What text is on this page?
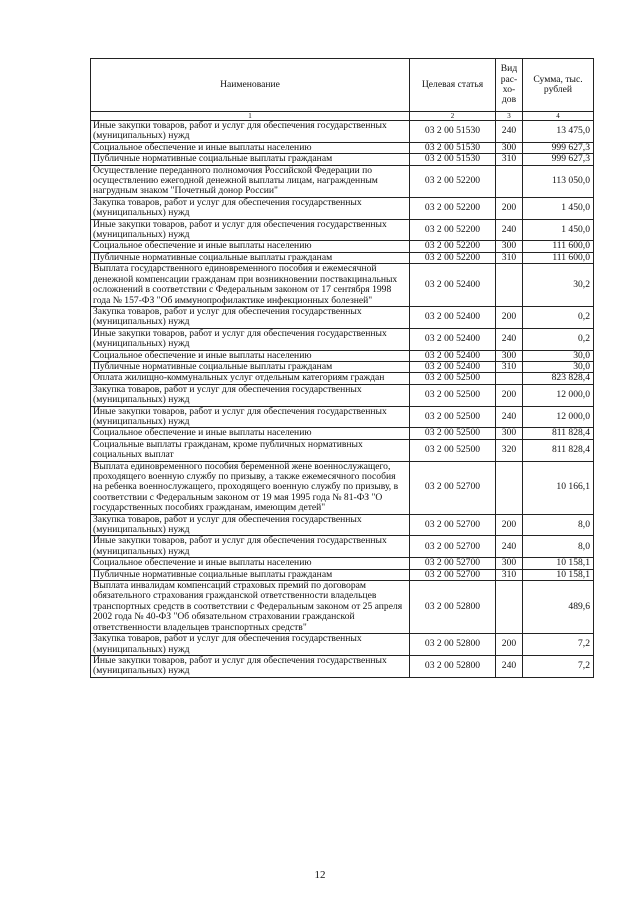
Наименование	Целевая статья	Вид рас- хо- дов	Сумма, тыс. рублей
1	2	3	4
Иные закупки товаров, работ и услуг для обеспечения государственных (муниципальных) нужд	03 2 00 51530	240	13 475,0
Социальное обеспечение и иные выплаты населению	03 2 00 51530	300	999 627,3
Публичные нормативные социальные выплаты гражданам	03 2 00 51530	310	999 627,3
Осуществление переданного полномочия Российской Федерации по осуществлению ежегодной денежной выплаты лицам, награжденным нагрудным знаком "Почетный донор России"	03 2 00 52200		113 050,0
Закупка товаров, работ и услуг для обеспечения государственных (муниципальных) нужд	03 2 00 52200	200	1 450,0
Иные закупки товаров, работ и услуг для обеспечения государственных (муниципальных) нужд	03 2 00 52200	240	1 450,0
Социальное обеспечение и иные выплаты населению	03 2 00 52200	300	111 600,0
Публичные нормативные социальные выплаты гражданам	03 2 00 52200	310	111 600,0
Выплата государственного единовременного пособия и ежемесячной денежной компенсации гражданам при возникновении поствакцинальных осложнений в соответствии с Федеральным законом от 17 сентября 1998 года № 157-ФЗ "Об иммунопрофилактике инфекционных болезней"	03 2 00 52400		30,2
Закупка товаров, работ и услуг для обеспечения государственных (муниципальных) нужд	03 2 00 52400	200	0,2
Иные закупки товаров, работ и услуг для обеспечения государственных (муниципальных) нужд	03 2 00 52400	240	0,2
Социальное обеспечение и иные выплаты населению	03 2 00 52400	300	30,0
Публичные нормативные социальные выплаты гражданам	03 2 00 52400	310	30,0
Оплата жилищно-коммунальных услуг отдельным категориям граждан	03 2 00 52500		823 828,4
Закупка товаров, работ и услуг для обеспечения государственных (муниципальных) нужд	03 2 00 52500	200	12 000,0
Иные закупки товаров, работ и услуг для обеспечения государственных (муниципальных) нужд	03 2 00 52500	240	12 000,0
Социальное обеспечение и иные выплаты населению	03 2 00 52500	300	811 828,4
Социальные выплаты гражданам, кроме публичных нормативных социальных выплат	03 2 00 52500	320	811 828,4
Выплата единовременного пособия беременной жене военнослужащего, проходящего военную службу по призыву, а также ежемесячного пособия на ребенка военнослужащего, проходящего военную службу по призыву, в соответствии с Федеральным законом от 19 мая 1995 года № 81-ФЗ "О государственных пособиях гражданам, имеющим детей"	03 2 00 52700		10 166,1
Закупка товаров, работ и услуг для обеспечения государственных (муниципальных) нужд	03 2 00 52700	200	8,0
Иные закупки товаров, работ и услуг для обеспечения государственных (муниципальных) нужд	03 2 00 52700	240	8,0
Социальное обеспечение и иные выплаты населению	03 2 00 52700	300	10 158,1
Публичные нормативные социальные выплаты гражданам	03 2 00 52700	310	10 158,1
Выплата инвалидам компенсаций страховых премий по договорам обязательного страхования гражданской ответственности владельцев транспортных средств в соответствии с Федеральным законом от 25 апреля 2002 года № 40-ФЗ "Об обязательном страховании гражданской ответственности владельцев транспортных средств"	03 2 00 52800		489,6
Закупка товаров, работ и услуг для обеспечения государственных (муниципальных) нужд	03 2 00 52800	200	7,2
Иные закупки товаров, работ и услуг для обеспечения государственных (муниципальных) нужд	03 2 00 52800	240	7,2
12
